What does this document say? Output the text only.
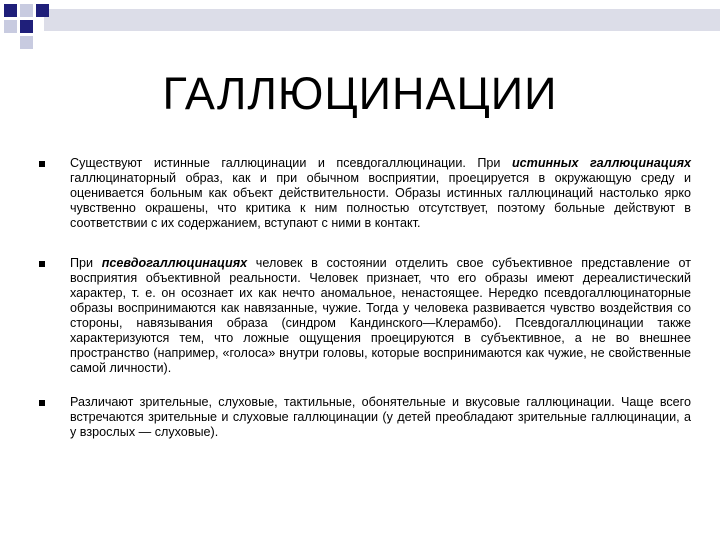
ГАЛЛЮЦИНАЦИИ
Существуют истинные галлюцинации и псевдогаллюцинации. При истинных галлюцинациях галлюцинаторный образ, как и при обычном восприятии, проецируется в окружающую среду и оценивается больным как объект действительности. Образы истинных галлюцинаций настолько ярко чувственно окрашены, что критика к ним полностью отсутствует, поэтому больные действуют в соответствии с их содержанием, вступают с ними в контакт.
При псевдогаллюцинациях человек в состоянии отделить свое субъективное представление от восприятия объективной реальности. Человек признает, что его образы имеют дереалистический характер, т. е. он осознает их как нечто аномальное, ненастоящее. Нередко псевдогаллюцинаторные образы воспринимаются как навязанные, чужие. Тогда у человека развивается чувство воздействия со стороны, навязывания образа (синдром Кандинского—Клерамбо). Псевдогаллюцинации также характеризуются тем, что ложные ощущения проецируются в субъективное, а не во внешнее пространство (например, «голоса» внутри головы, которые воспринимаются как чужие, не свойственные самой личности).
Различают зрительные, слуховые, тактильные, обонятельные и вкусовые галлюцинации. Чаще всего встречаются зрительные и слуховые галлюцинации (у детей преобладают зрительные галлюцинации, а у взрослых — слуховые).
